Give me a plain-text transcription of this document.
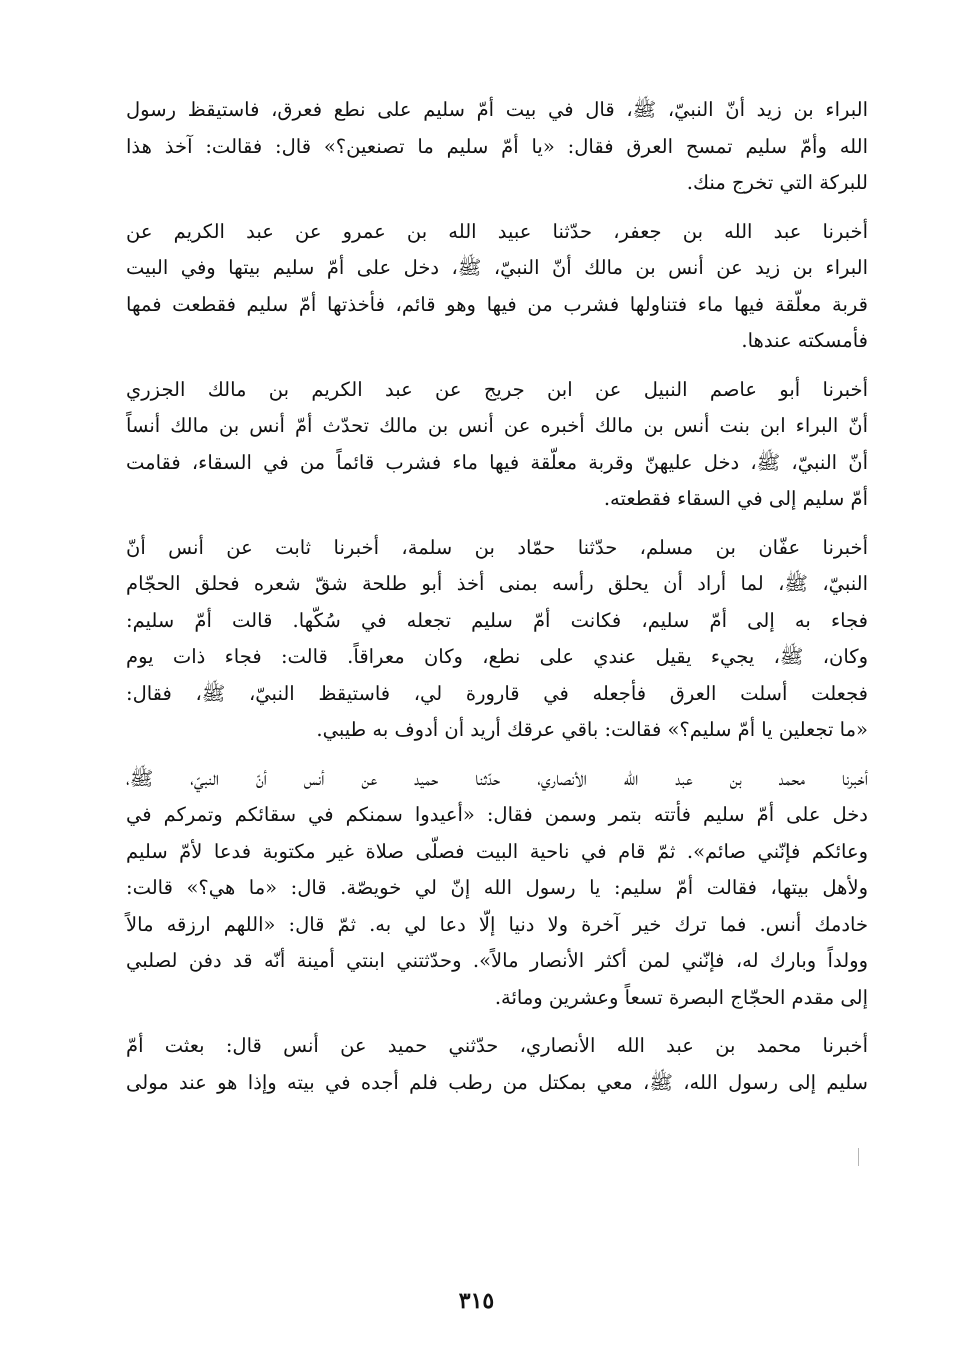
البراء بن زيد أنّ النبيّ، ﷺ، قال في بيت أمّ سليم على نطع فعرق، فاستيقظ رسول
الله وأمّ سليم تمسح العرق فقال: «يا أمّ سليم ما تصنعين؟» قال: فقالت: آخذ هذا
للبركة التي تخرج منك.

أخبرنا عبد الله بن جعفر، حدّثنا عبيد الله بن عمرو عن عبد الكريم عن
البراء بن زيد عن أنس بن مالك أنّ النبيّ، ﷺ، دخل على أمّ سليم بيتها وفي البيت
قربة معلّقة فيها ماء فتناولها فشرب من فيها وهو قائم، فأخذتها أمّ سليم فقطعت فمها
فأمسكته عندها.

أخبرنا أبو عاصم النبيل عن ابن جريج عن عبد الكريم بن مالك الجزري
أنّ البراء ابن بنت أنس بن مالك أخبره عن أنس بن مالك تحدّث أمّ أنس بن مالك أنساً
أنّ النبيّ، ﷺ، دخل عليهنّ وقربة معلّقة فيها ماء فشرب قائماً من في السقاء، فقامت
أمّ سليم إلى في السقاء فقطعته.

أخبرنا عفّان بن مسلم، حدّثنا حمّاد بن سلمة، أخبرنا ثابت عن أنس أنّ
النبيّ، ﷺ، لما أراد أن يحلق رأسه بمنى أخذ أبو طلحة شقّ شعره فحلق الحجّام
فجاء به إلى أمّ سليم، فكانت أمّ سليم تجعله في سُكّها. قالت أمّ سليم:
وكان، ﷺ، يجيء يقيل عندي على نطع، وكان معراقاً. قالت: فجاء ذات يوم
فجعلت أسلت العرق فأجعله في قارورة لي، فاستيقظ النبيّ، ﷺ، فقال:
«ما تجعلين يا أمّ سليم؟» فقالت: باقي عرقك أريد أن أدوف به طيبي.

أخبرنا محمد بن عبد الله الأنصاري، حدّثنا حميد عن أنس أنّ النبيّ، ﷺ،
دخل على أمّ سليم فأتته بتمر وسمن فقال: «أعيدوا سمنكم في سقائكم وتمركم في
وعائكم فإنّني صائم». ثمّ قام في ناحية البيت فصلّى صلاة غير مكتوبة فدعا لأمّ سليم
ولأهل بيتها، فقالت أمّ سليم: يا رسول الله إنّ لي خويصّة. قال: «ما هي؟» قالت:
خادمك أنس. فما ترك خير آخرة ولا دنيا إلّا دعا لي به. ثمّ قال: «اللهم ارزقه مالاً
وولداً وبارك له، فإنّني لمن أكثر الأنصار مالاً». وحدّثتني ابنتي أمينة أنّه قد دفن لصلبي
إلى مقدم الحجّاج البصرة تسعاً وعشرين ومائة.

أخبرنا محمد بن عبد الله الأنصاري، حدّثني حميد عن أنس قال: بعثت أمّ
سليم إلى رسول الله، ﷺ، معي بمكتل من رطب فلم أجده في بيته وإذا هو عند مولى

٣١٥
